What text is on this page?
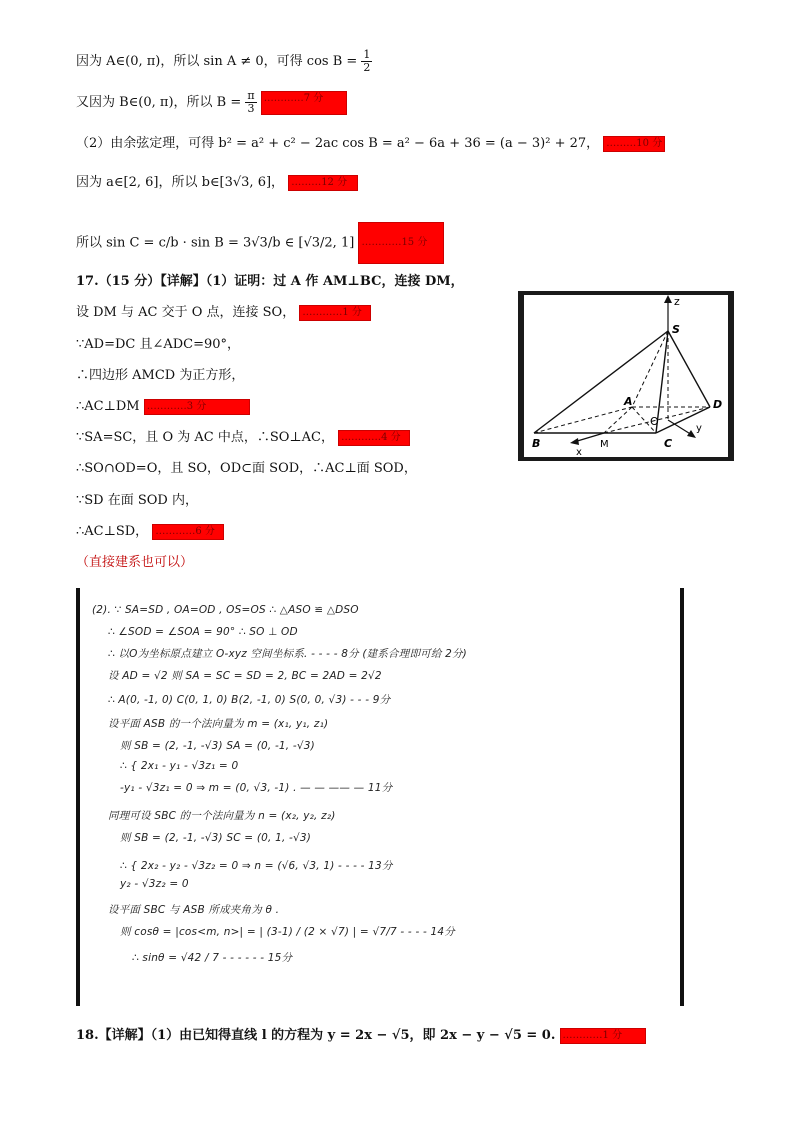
因为 A∈(0, π)，所以 sin A ≠ 0，可得 $\cos B = \frac{1}{2}$
又因为 B∈(0, π)，所以 $B = \frac{\pi}{3}$ …………7 分
（2）由余弦定理，可得 b² = a² + c² − 2ac cos B = a² − 6a + 36 = (a − 3)² + 27， ………10 分
因为 a∈[2, 6]，所以 b∈[3√3, 6]， ………12 分
所以 sin C = c/b · sin B = 3√3/b ∈ [√3/2, 1] …………15 分
17.（15 分）【详解】（1）证明：过 A 作 AM⊥BC，连接 DM，
设 DM 与 AC 交于 O 点，连接 SO， …………1 分
∵AD=DC 且∠ADC=90°，
∴四边形 AMCD 为正方形，
∴AC⊥DM …………3 分
∵SA=SC，且 O 为 AC 中点，∴SO⊥AC， …………4 分
∴SO∩OD=O，且 SO，OD⊂面 SOD，∴AC⊥面 SOD，
∵SD 在面 SOD 内，
∴AC⊥SD， …………6 分
（直接建系也可以）
z
S
A	D
O
B	M	C
x
y
(2). ∵ SA=SD , OA=OD , OS=OS ∴ △ASO ≌ △DSO
∴ ∠SOD = ∠SOA = 90° ∴ SO ⊥ OD
∴ 以O为坐标原点建立 O-xyz 空间坐标系. - - - - 8分 (建系合理即可给 2分)
设 AD = √2 则 SA = SC = SD = 2, BC = 2AD = 2√2
∴ A(0, -1, 0) C(0, 1, 0) B(2, -1, 0) S(0, 0, √3) - - - 9分
设平面 ASB 的一个法向量为 m = (x₁, y₁, z₁)
则 SB = (2, -1, -√3) SA = (0, -1, -√3)
∴ { 2x₁ - y₁ - √3z₁ = 0
-y₁ - √3z₁ = 0 ⇒ m = (0, √3, -1) . — — —— — 11分
同理可设 SBC 的一个法向量为 n = (x₂, y₂, z₂)
则 SB = (2, -1, -√3) SC = (0, 1, -√3)
∴ { 2x₂ - y₂ - √3z₂ = 0 ⇒ n = (√6, √3, 1) - - - - 13分
y₂ - √3z₂ = 0
设平面 SBC 与 ASB 所成夹角为 θ .
则 cosθ = |cos<m, n>| = | (3-1) / (2 × √7) | = √7/7 - - - - 14分
∴ sinθ = √42 / 7 - - - - - - 15分
18.【详解】（1）由已知得直线 l 的方程为 y = 2x − √5，即 2x − y − √5 = 0. …………1 分
